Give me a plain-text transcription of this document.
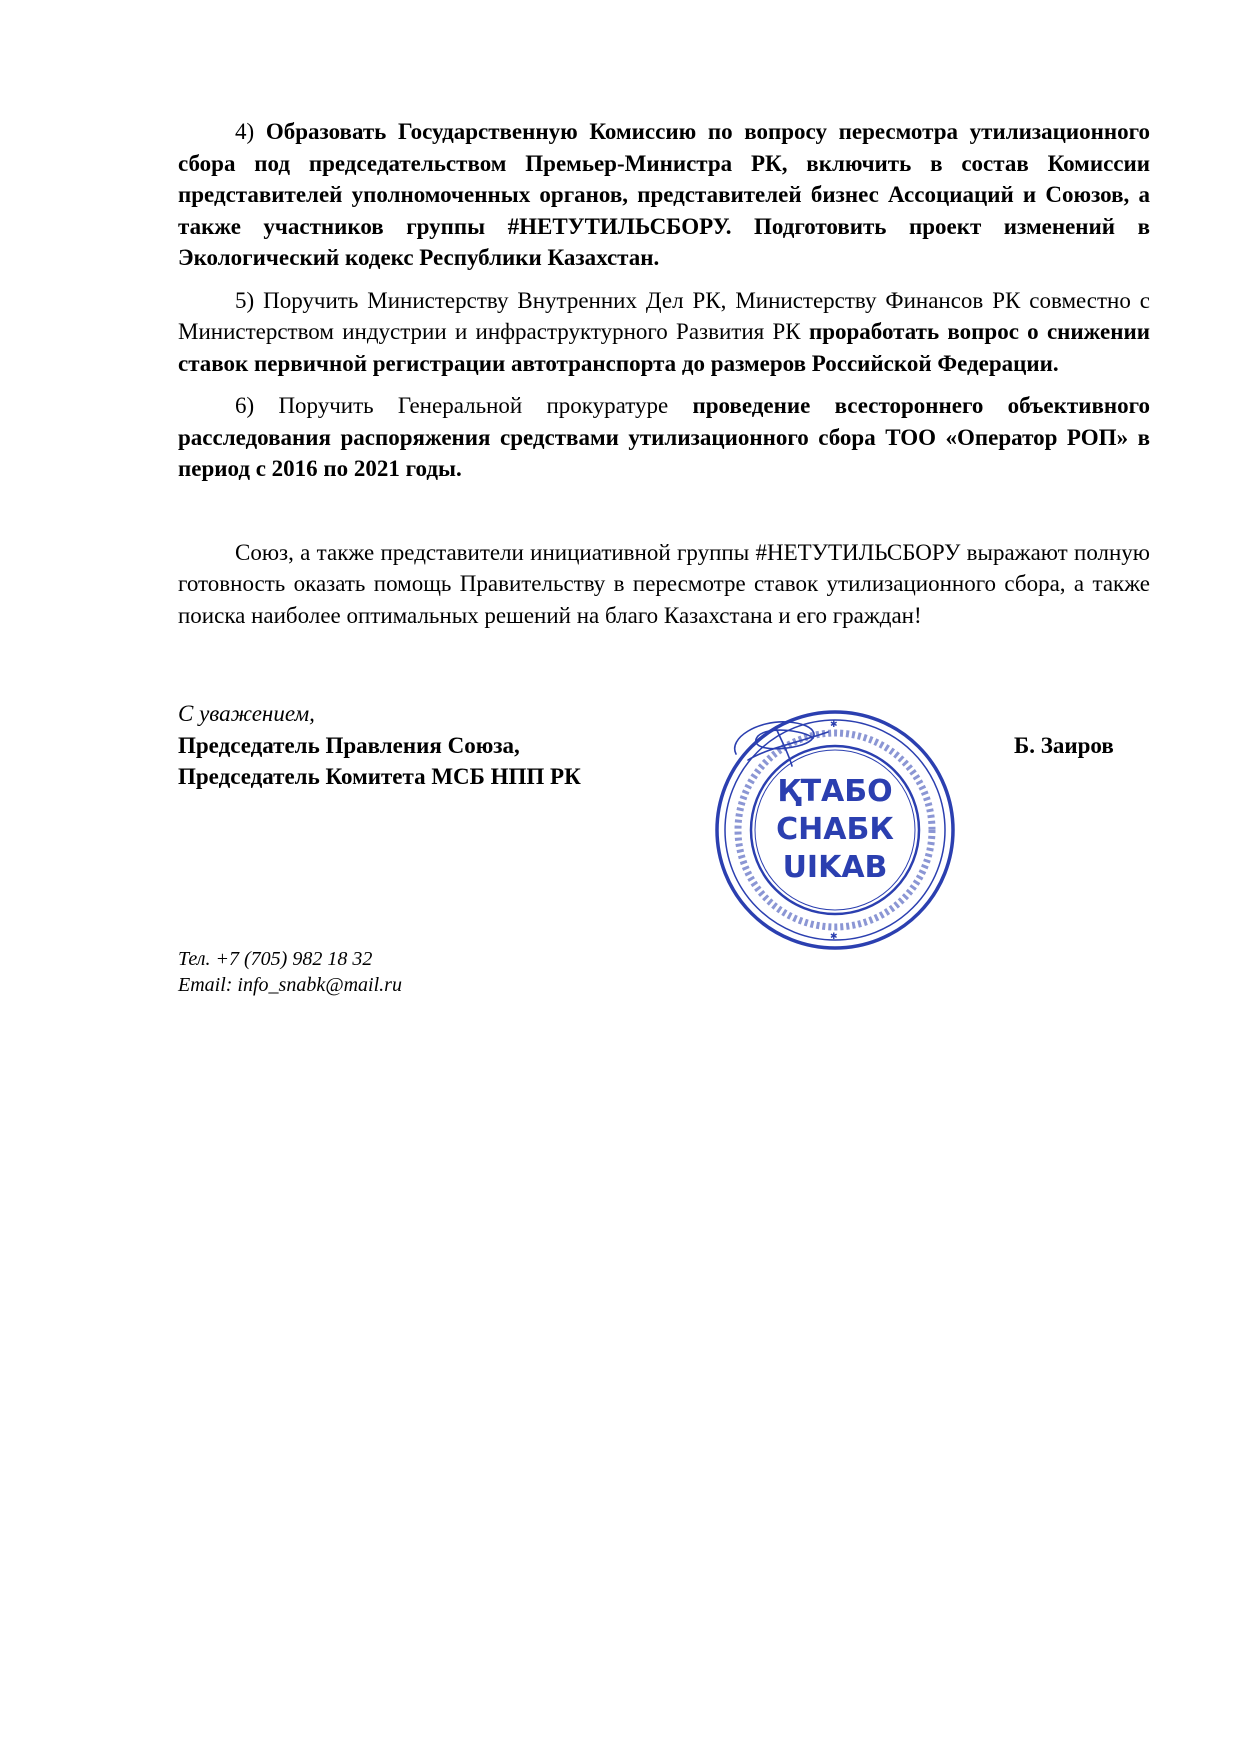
4) Образовать Государственную Комиссию по вопросу пересмотра утилизационного сбора под председательством Премьер-Министра РК, включить в состав Комиссии представителей уполномоченных органов, представителей бизнес Ассоциаций и Союзов, а также участников группы #НЕТУТИЛЬСБОРУ. Подготовить проект изменений в Экологический кодекс Республики Казахстан.

5) Поручить Министерству Внутренних Дел РК, Министерству Финансов РК совместно с Министерством индустрии и инфраструктурного Развития РК проработать вопрос о снижении ставок первичной регистрации автотранспорта до размеров Российской Федерации.

6) Поручить Генеральной прокуратуре проведение всестороннего объективного расследования распоряжения средствами утилизационного сбора ТОО «Оператор РОП» в период с 2016 по 2021 годы.

Союз, а также представители инициативной группы #НЕТУТИЛЬСБОРУ выражают полную готовность оказать помощь Правительству в пересмотре ставок утилизационного сбора, а также поиска наиболее оптимальных решений на благо Казахстана и его граждан!

С уважением,
Председатель Правления Союза,
Председатель Комитета МСБ НПП РК
Б. Заиров
ҚТАБО
СНАБК
UIKAB
✱
✱
Тел. +7 (705) 982 18 32
Email: info_snabk@mail.ru
